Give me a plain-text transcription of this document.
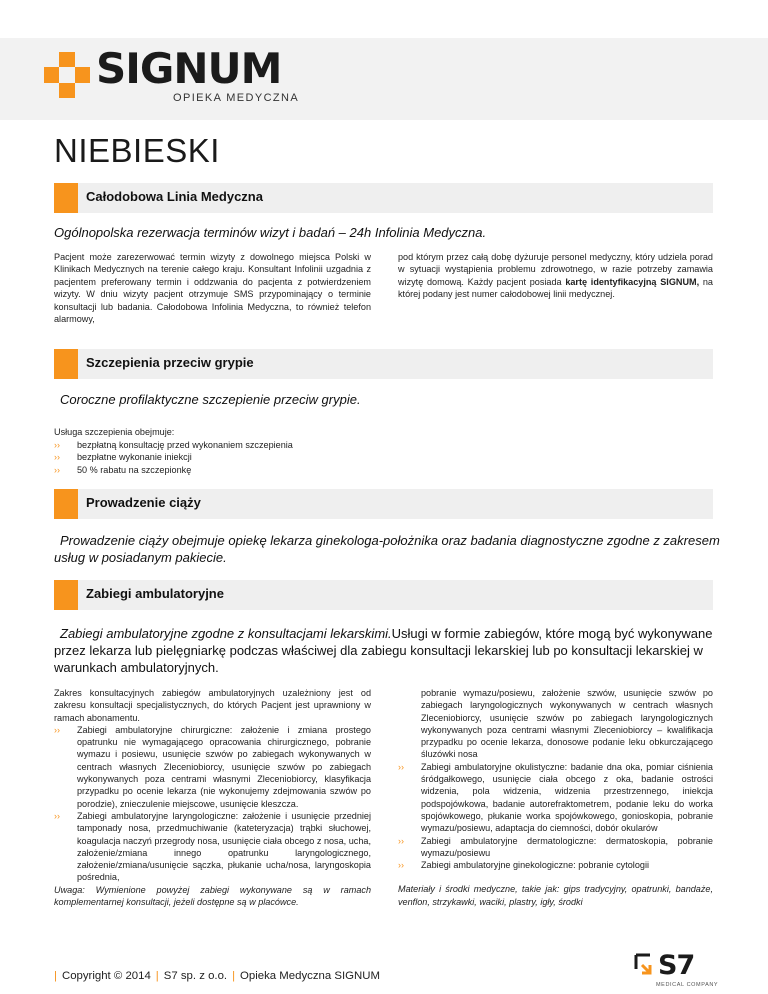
SIGNUM
OPIEKA MEDYCZNA
NIEBIESKI
Całodobowa Linia Medyczna
Ogólnopolska rezerwacja terminów wizyt i badań – 24h Infolinia Medyczna.
Pacjent może zarezerwować termin wizyty z dowolnego miejsca Polski w Klinikach Medycznych na terenie całego kraju. Konsultant Infolinii uzgadnia z pacjentem preferowany termin i oddzwania do pacjenta z potwierdzeniem wizyty. W dniu wizyty pacjent otrzymuje SMS przypominający o terminie konsultacji lub badania. Całodobowa Infolinia Medyczna, to również telefon alarmowy,
pod którym przez całą dobę dyżuruje personel medyczny, który udziela porad w sytuacji wystąpienia problemu zdrowotnego, w razie potrzeby zamawia wizytę domową. Każdy pacjent posiada kartę identyfikacyjną SIGNUM, na której podany jest numer całodobowej linii medycznej.
Szczepienia przeciw grypie
Coroczne profilaktyczne szczepienie przeciw grypie.
Usługa szczepienia obejmuje:
›› bezpłatną konsultację przed wykonaniem szczepienia
›› bezpłatne wykonanie iniekcji
›› 50 % rabatu na szczepionkę
Prowadzenie ciąży
Prowadzenie ciąży obejmuje opiekę lekarza ginekologa-położnika oraz badania diagnostyczne zgodne z zakresem usług w posiadanym pakiecie.
Zabiegi ambulatoryjne
Zabiegi ambulatoryjne zgodne z konsultacjami lekarskimi.Usługi w formie zabiegów, które mogą być wykonywane przez lekarza lub pielęgniarkę podczas właściwej dla zabiegu konsultacji lekarskiej lub po konsultacji lekarskiej w warunkach ambulatoryjnych.
Zakres konsultacyjnych zabiegów ambulatoryjnych uzależniony jest od zakresu konsultacji specjalistycznych, do których Pacjent jest uprawniony w ramach abonamentu.
›› Zabiegi ambulatoryjne chirurgiczne: założenie i zmiana prostego opatrunku nie wymagającego opracowania chirurgicznego, pobranie wymazu i posiewu, usunięcie szwów po zabiegach wykonywanych w centrach własnych Zleceniobiorcy, usunięcie szwów po zabiegach wykonywanych poza centrami własnymi Zleceniobiorcy, klasyfikacja przypadku po ocenie lekarza (nie wykonujemy zdejmowania szwów po porodzie), znieczulenie miejscowe, usunięcie kleszcza.
›› Zabiegi ambulatoryjne laryngologiczne: założenie i usunięcie przedniej tamponady nosa, przedmuchiwanie (kateteryzacja) trąbki słuchowej, koagulacja naczyń przegrody nosa, usunięcie ciała obcego z nosa, ucha, założenie/zmiana innego opatrunku laryngologicznego, założenie/zmiana/usunięcie sączka, płukanie ucha/nosa, laryngoskopia pośrednia,
Uwaga: Wymienione powyżej zabiegi wykonywane są w ramach komplementarnej konsultacji, jeżeli dostępne są w placówce.
pobranie wymazu/posiewu, założenie szwów, usunięcie szwów po zabiegach laryngologicznych wykonywanych w centrach własnych Zleceniobiorcy, usunięcie szwów po zabiegach laryngologicznych wykonywanych poza centrami własnymi Zleceniobiorcy – kwalifikacja przypadku po ocenie lekarza, donosowe podanie leku obkurczającego śluzówki nosa
›› Zabiegi ambulatoryjne okulistyczne: badanie dna oka, pomiar ciśnienia śródgałkowego, usunięcie ciała obcego z oka, badanie ostrości widzenia, pola widzenia, widzenia przestrzennego, iniekcja podspojówkowa, badanie autorefraktometrem, podanie leku do worka spojówkowego, płukanie worka spojówkowego, gonioskopia, pobranie wymazu/posiewu, adaptacja do ciemności, dobór okularów
›› Zabiegi ambulatoryjne dermatologiczne: dermatoskopia, pobranie wymazu/posiewu
›› Zabiegi ambulatoryjne ginekologiczne: pobranie cytologii
Materiały i środki medyczne, takie jak: gips tradycyjny, opatrunki, bandaże, venflon, strzykawki, waciki, plastry, igły, środki
| Copyright © 2014 | S7 sp. z o.o. | Opieka Medyczna SIGNUM	S7
MEDICAL COMPANY
